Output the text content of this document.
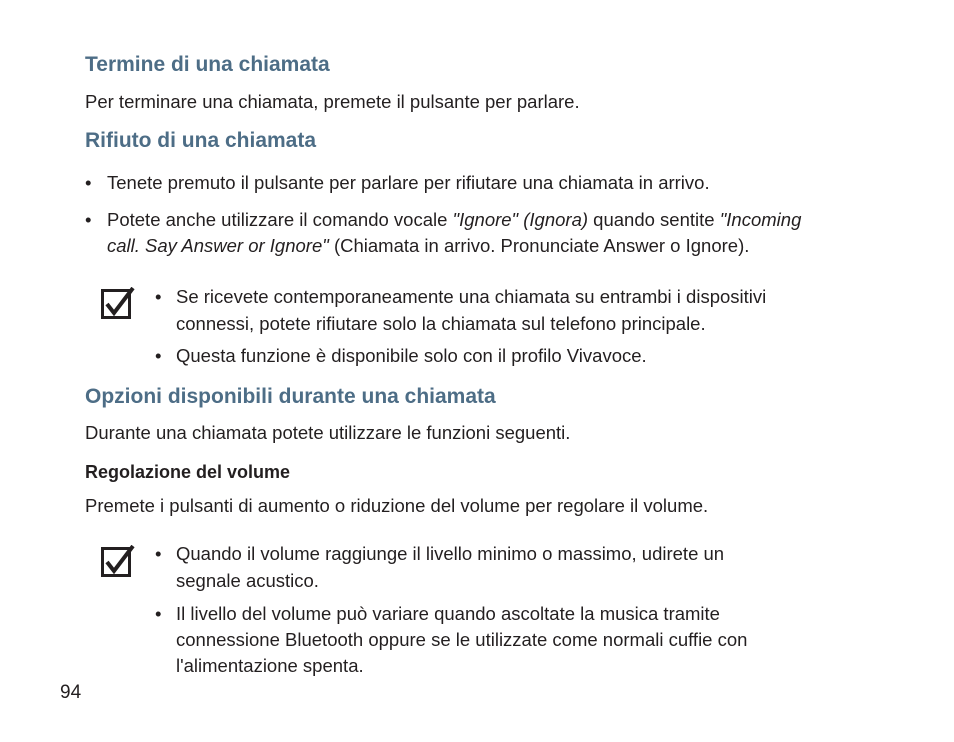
Termine di una chiamata
Per terminare una chiamata, premete il pulsante per parlare.
Rifiuto di una chiamata
• Tenete premuto il pulsante per parlare per rifiutare una chiamata in arrivo.
• Potete anche utilizzare il comando vocale "Ignore" (Ignora) quando sentite "Incoming
call. Say Answer or Ignore" (Chiamata in arrivo. Pronunciate Answer o Ignore).
• Se ricevete contemporaneamente una chiamata su entrambi i dispositivi
connessi, potete rifiutare solo la chiamata sul telefono principale.
• Questa funzione è disponibile solo con il profilo Vivavoce.
Opzioni disponibili durante una chiamata
Durante una chiamata potete utilizzare le funzioni seguenti.
Regolazione del volume
Premete i pulsanti di aumento o riduzione del volume per regolare il volume.
• Quando il volume raggiunge il livello minimo o massimo, udirete un
segnale acustico.
• Il livello del volume può variare quando ascoltate la musica tramite
connessione Bluetooth oppure se le utilizzate come normali cuffie con
l'alimentazione spenta.
94
